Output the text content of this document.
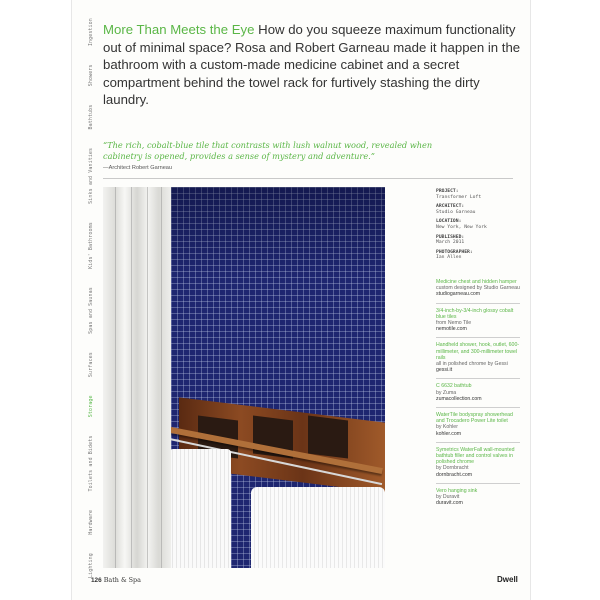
Ingestion
Showers
Bathtubs
Sinks and Vanities
Kids' Bathrooms
Spas and Saunas
Surfaces
Storage
Toilets and Bidets
Hardware
Lighting
More Than Meets the Eye How do you squeeze maximum functionality out of minimal space? Rosa and Robert Garneau made it happen in the bathroom with a custom-made medicine cabinet and a secret compartment behind the towel rack for furtively stashing the dirty laundry.
“The rich, cobalt-blue tile that contrasts with lush walnut wood, revealed when cabinetry is opened, provides a sense of mystery and adventure.”
—Architect Robert Garneau
PROJECT:
Transformer Loft
ARCHITECT:
Studio Garneau
LOCATION:
New York, New York
PUBLISHED:
March 2011
PHOTOGRAPHER:
Ian Allen
Medicine chest and hidden hamper
custom designed by Studio Garneau
studiogarneau.com
3/4-inch-by-3/4-inch glossy cobalt blue tiles
from Nemo Tile
nemotile.com
Handheld shower, hook, outlet, 600-millimeter, and 300-millimeter towel rails
all in polished chrome by Gessi
gessi.it
C 6632 bathtub
by Zuma
zumacollection.com
WaterTile bodyspray showerhead and Trocadero Power Lite toilet
by Kohler
kohler.com
Symetrics WaterFall wall-mounted bathtub filler and control valves in polished chrome
by Dornbracht
dornbracht.com
Vero hanging sink
by Duravit
duravit.com
126 Bath & Spa	Dwell
